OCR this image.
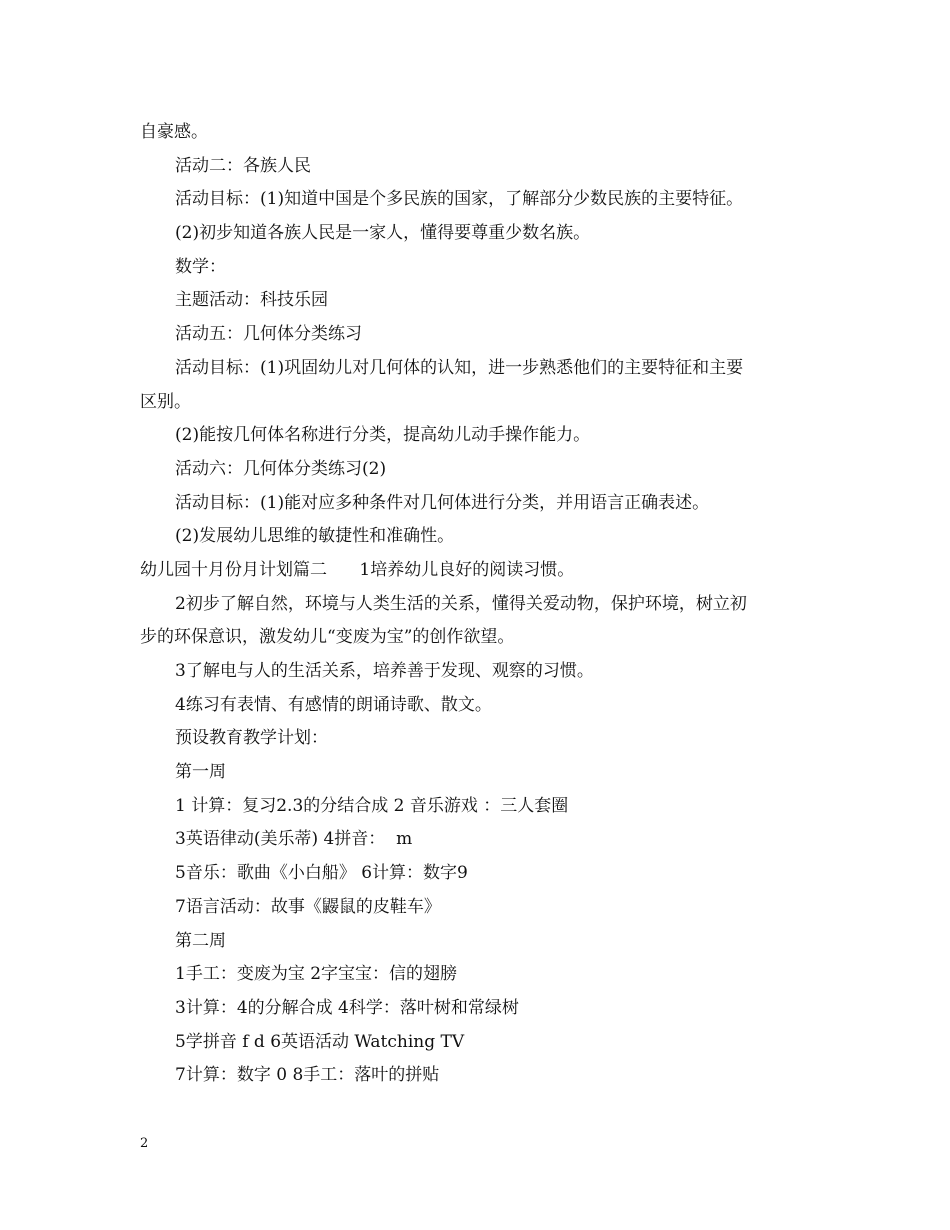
自豪感。

活动二：各族人民

活动目标：(1)知道中国是个多民族的国家，了解部分少数民族的主要特征。

(2)初步知道各族人民是一家人，懂得要尊重少数名族。

数学：

主题活动：科技乐园

活动五：几何体分类练习

活动目标：(1)巩固幼儿对几何体的认知，进一步熟悉他们的主要特征和主要

区别。

(2)能按几何体名称进行分类，提高幼儿动手操作能力。

活动六：几何体分类练习(2)

活动目标：(1)能对应多种条件对几何体进行分类，并用语言正确表述。

(2)发展幼儿思维的敏捷性和准确性。

幼儿园十月份月计划篇二      1培养幼儿良好的阅读习惯。

2初步了解自然，环境与人类生活的关系，懂得关爱动物，保护环境，树立初

步的环保意识，激发幼儿“变废为宝”的创作欲望。

3了解电与人的生活关系，培养善于发现、观察的习惯。

4练习有表情、有感情的朗诵诗歌、散文。

预设教育教学计划：

第一周

1 计算：复习2.3的分结合成 2 音乐游戏 ：三人套圈

3英语律动(美乐蒂) 4拼音：  m

5音乐：歌曲《小白船》 6计算：数字9

7语言活动：故事《鼹鼠的皮鞋车》

第二周

1手工：变废为宝 2字宝宝：信的翅膀

3计算：4的分解合成 4科学：落叶树和常绿树

5学拼音 f d 6英语活动 Watching TV

7计算：数字 0 8手工：落叶的拼贴

2
